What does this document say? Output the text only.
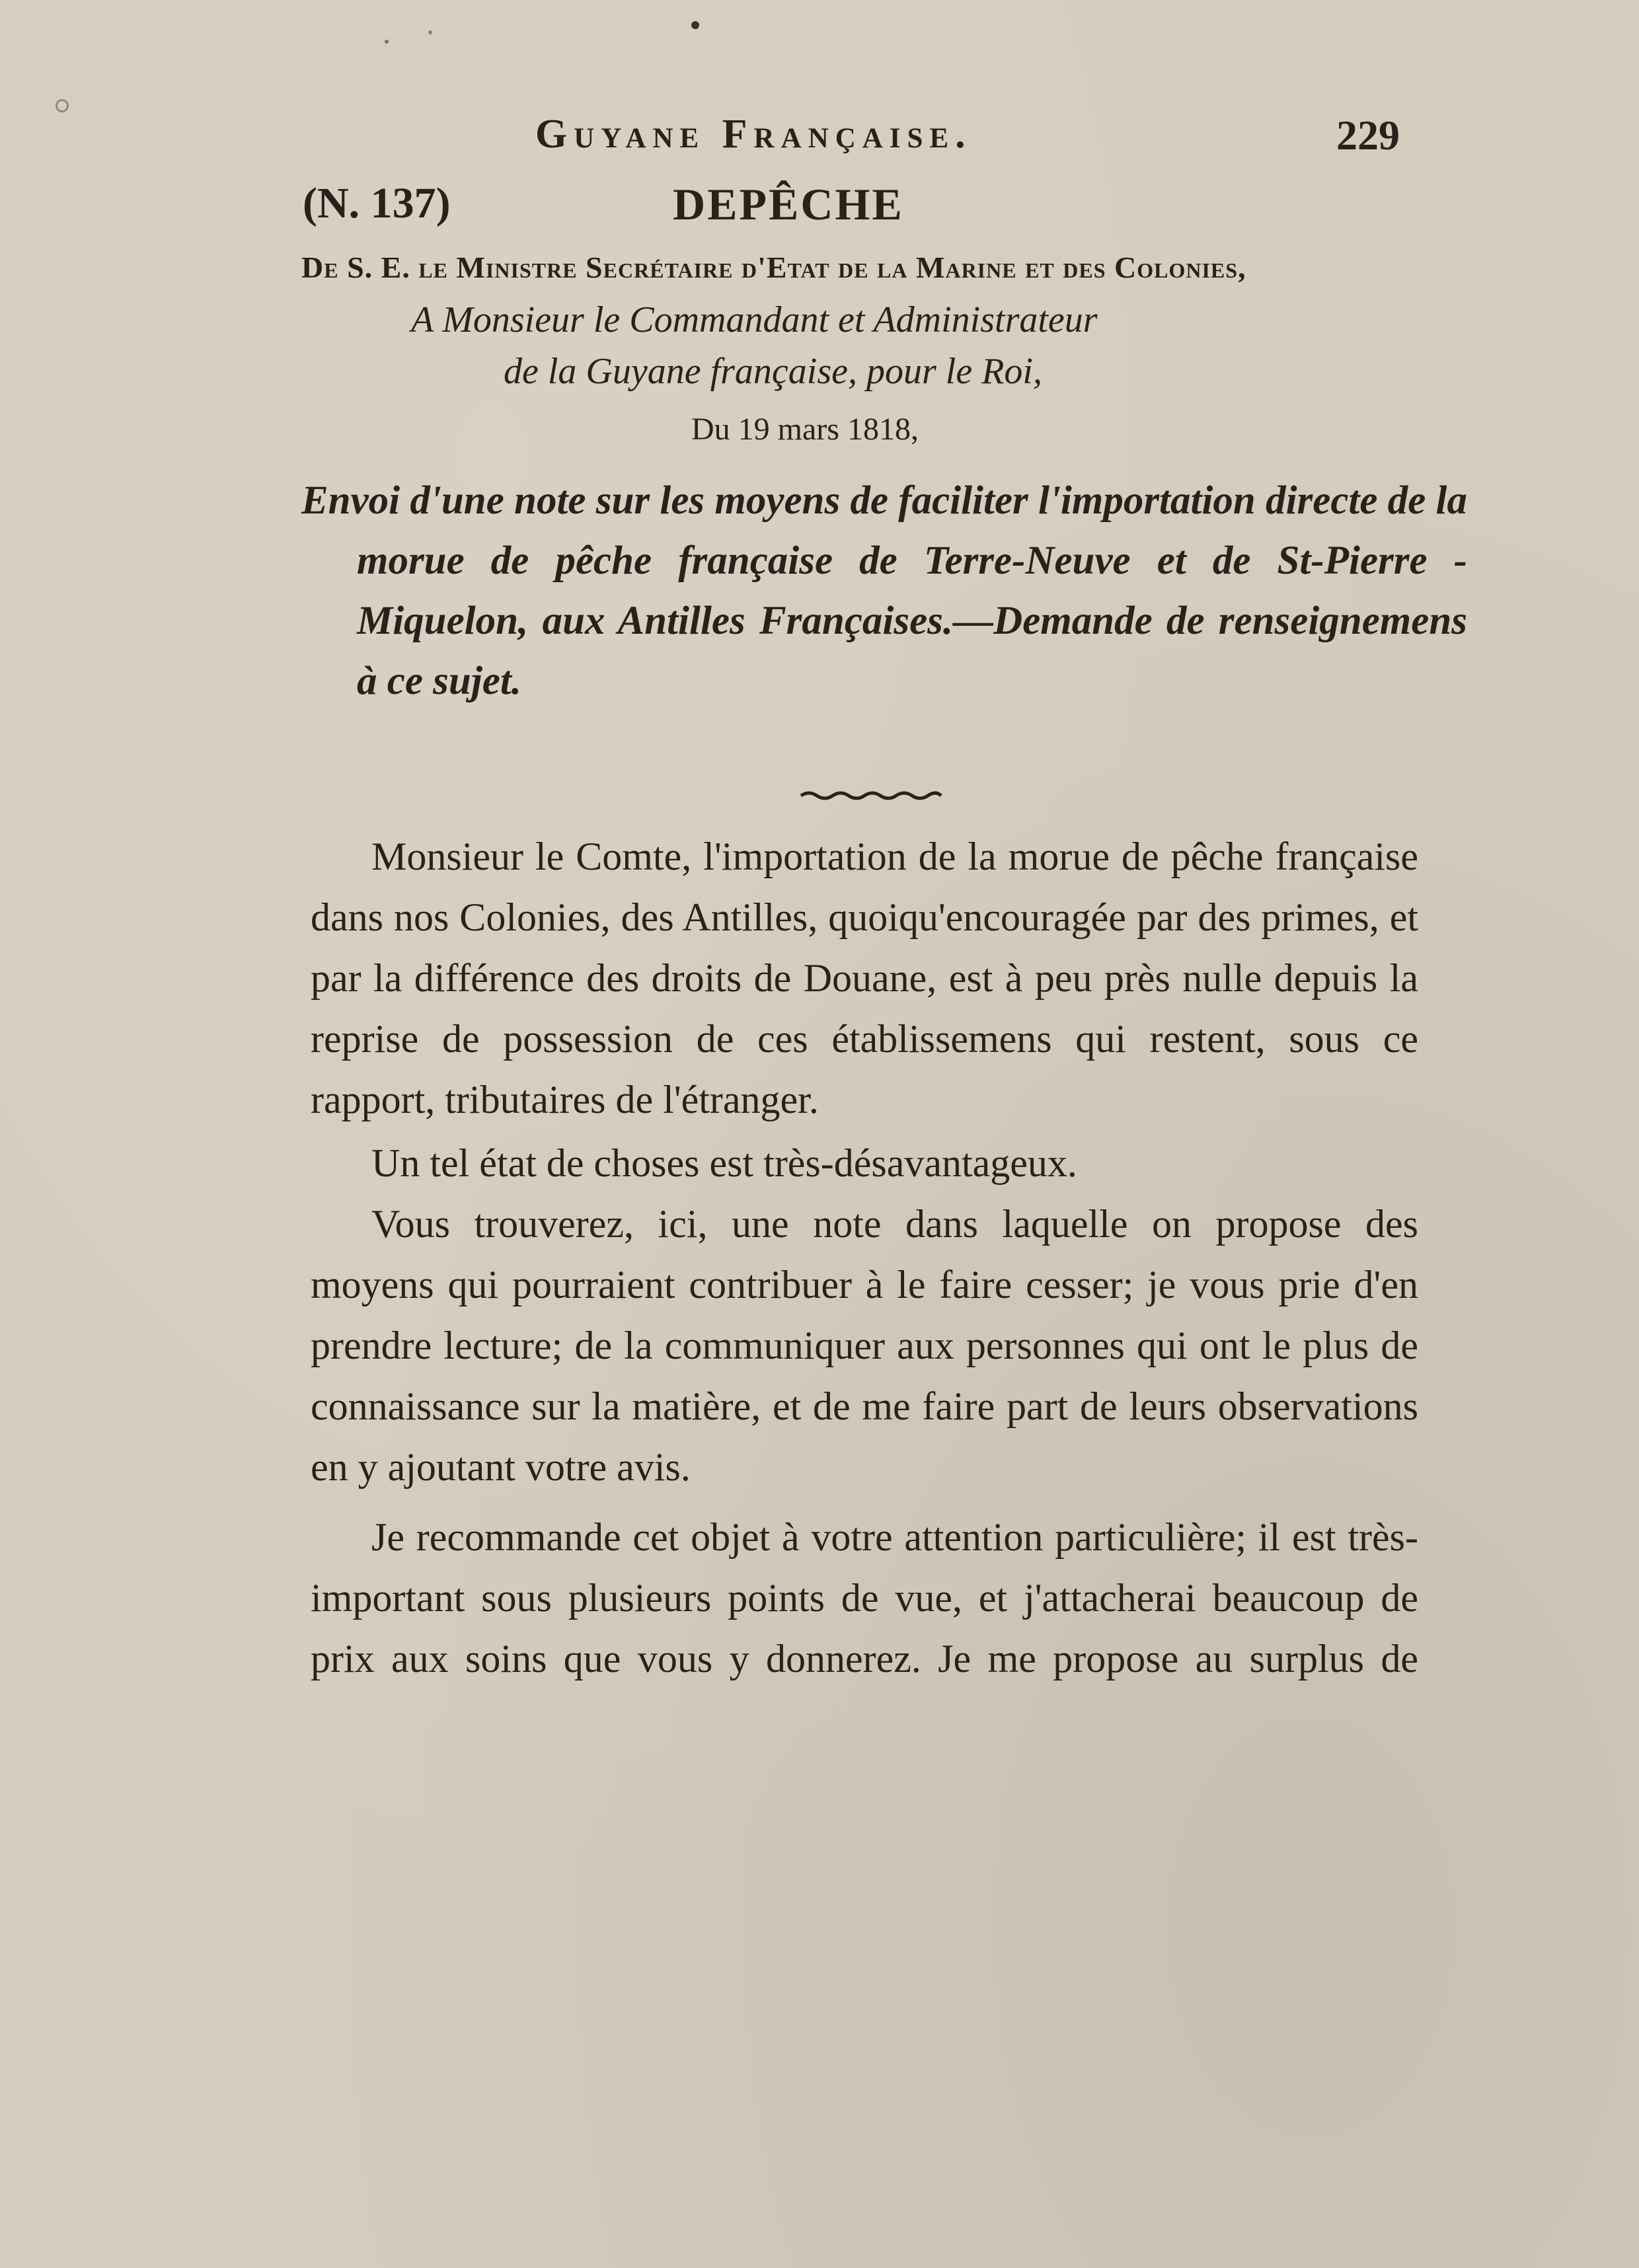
Guyane Française.	229
(N. 137)	DEPÊCHE
De S. E. le Ministre Secrétaire d'Etat de la Marine et des Colonies,
A Monsieur le Commandant et Administrateur
de la Guyane française, pour le Roi,
Du 19 mars 1818,
Envoi d'une note sur les moyens de faciliter l'importation directe de la morue de pêche française de Terre-Neuve et de St-Pierre - Miquelon, aux Antilles Françaises.—Demande de renseignemens à ce sujet.

Monsieur le Comte, l'importation de la morue de pêche française dans nos Colonies, des Antilles, quoiqu'encouragée par des primes, et par la différence des droits de Douane, est à peu près nulle depuis la reprise de possession de ces établissemens qui restent, sous ce rapport, tributaires de l'étranger.

Un tel état de choses est très-désavantageux.

Vous trouverez, ici, une note dans laquelle on propose des moyens qui pourraient contribuer à le faire cesser; je vous prie d'en prendre lecture; de la communiquer aux personnes qui ont le plus de connaissance sur la matière, et de me faire part de leurs observations en y ajoutant votre avis.

Je recommande cet objet à votre attention particulière; il est très-important sous plusieurs points de vue, et j'attacherai beaucoup de prix aux soins que vous y donnerez. Je me propose au surplus de
